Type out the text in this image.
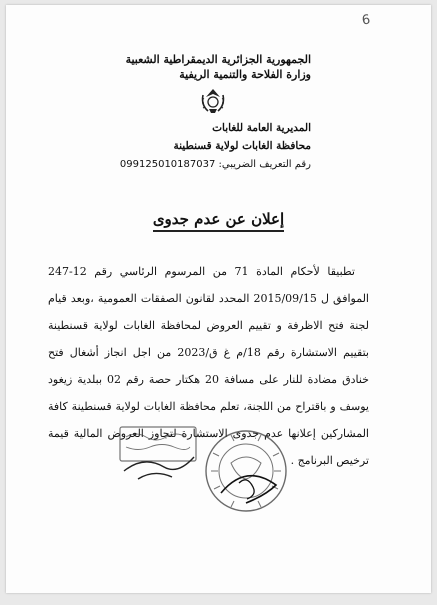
6
الجمهورية الجزائرية الديمقراطية الشعبية
وزارة الفلاحة والتنمية الريفية
المديرية العامة للغابات
محافظة الغابات لولاية قسنطينة
رقم التعريف الضريبي: 099125010187037
إعلان عن عدم جدوى

تطبيقا لأحكام المادة 71 من المرسوم الرئاسي رقم 12-247 الموافق ل 2015/09/15 المحدد لقانون الصفقات العمومية ،وبعد قيام لجنة فتح الاظرفة و تقييم العروض لمحافظة الغابات لولاية قسنطينة بتقييم الاستشارة رقم 18/م غ ق/2023 من اجل انجاز أشغال فتح خنادق مضادة للنار على مسافة 20 هكتار حصة رقم 02 ببلدية زيغود يوسف و باقتراح من اللجنة، تعلم محافظة الغابات لولاية قسنطينة كافة المشاركين إعلانها عدم جدوى الاستشارة لتجاوز العروض المالية قيمة ترخيص البرنامج .
